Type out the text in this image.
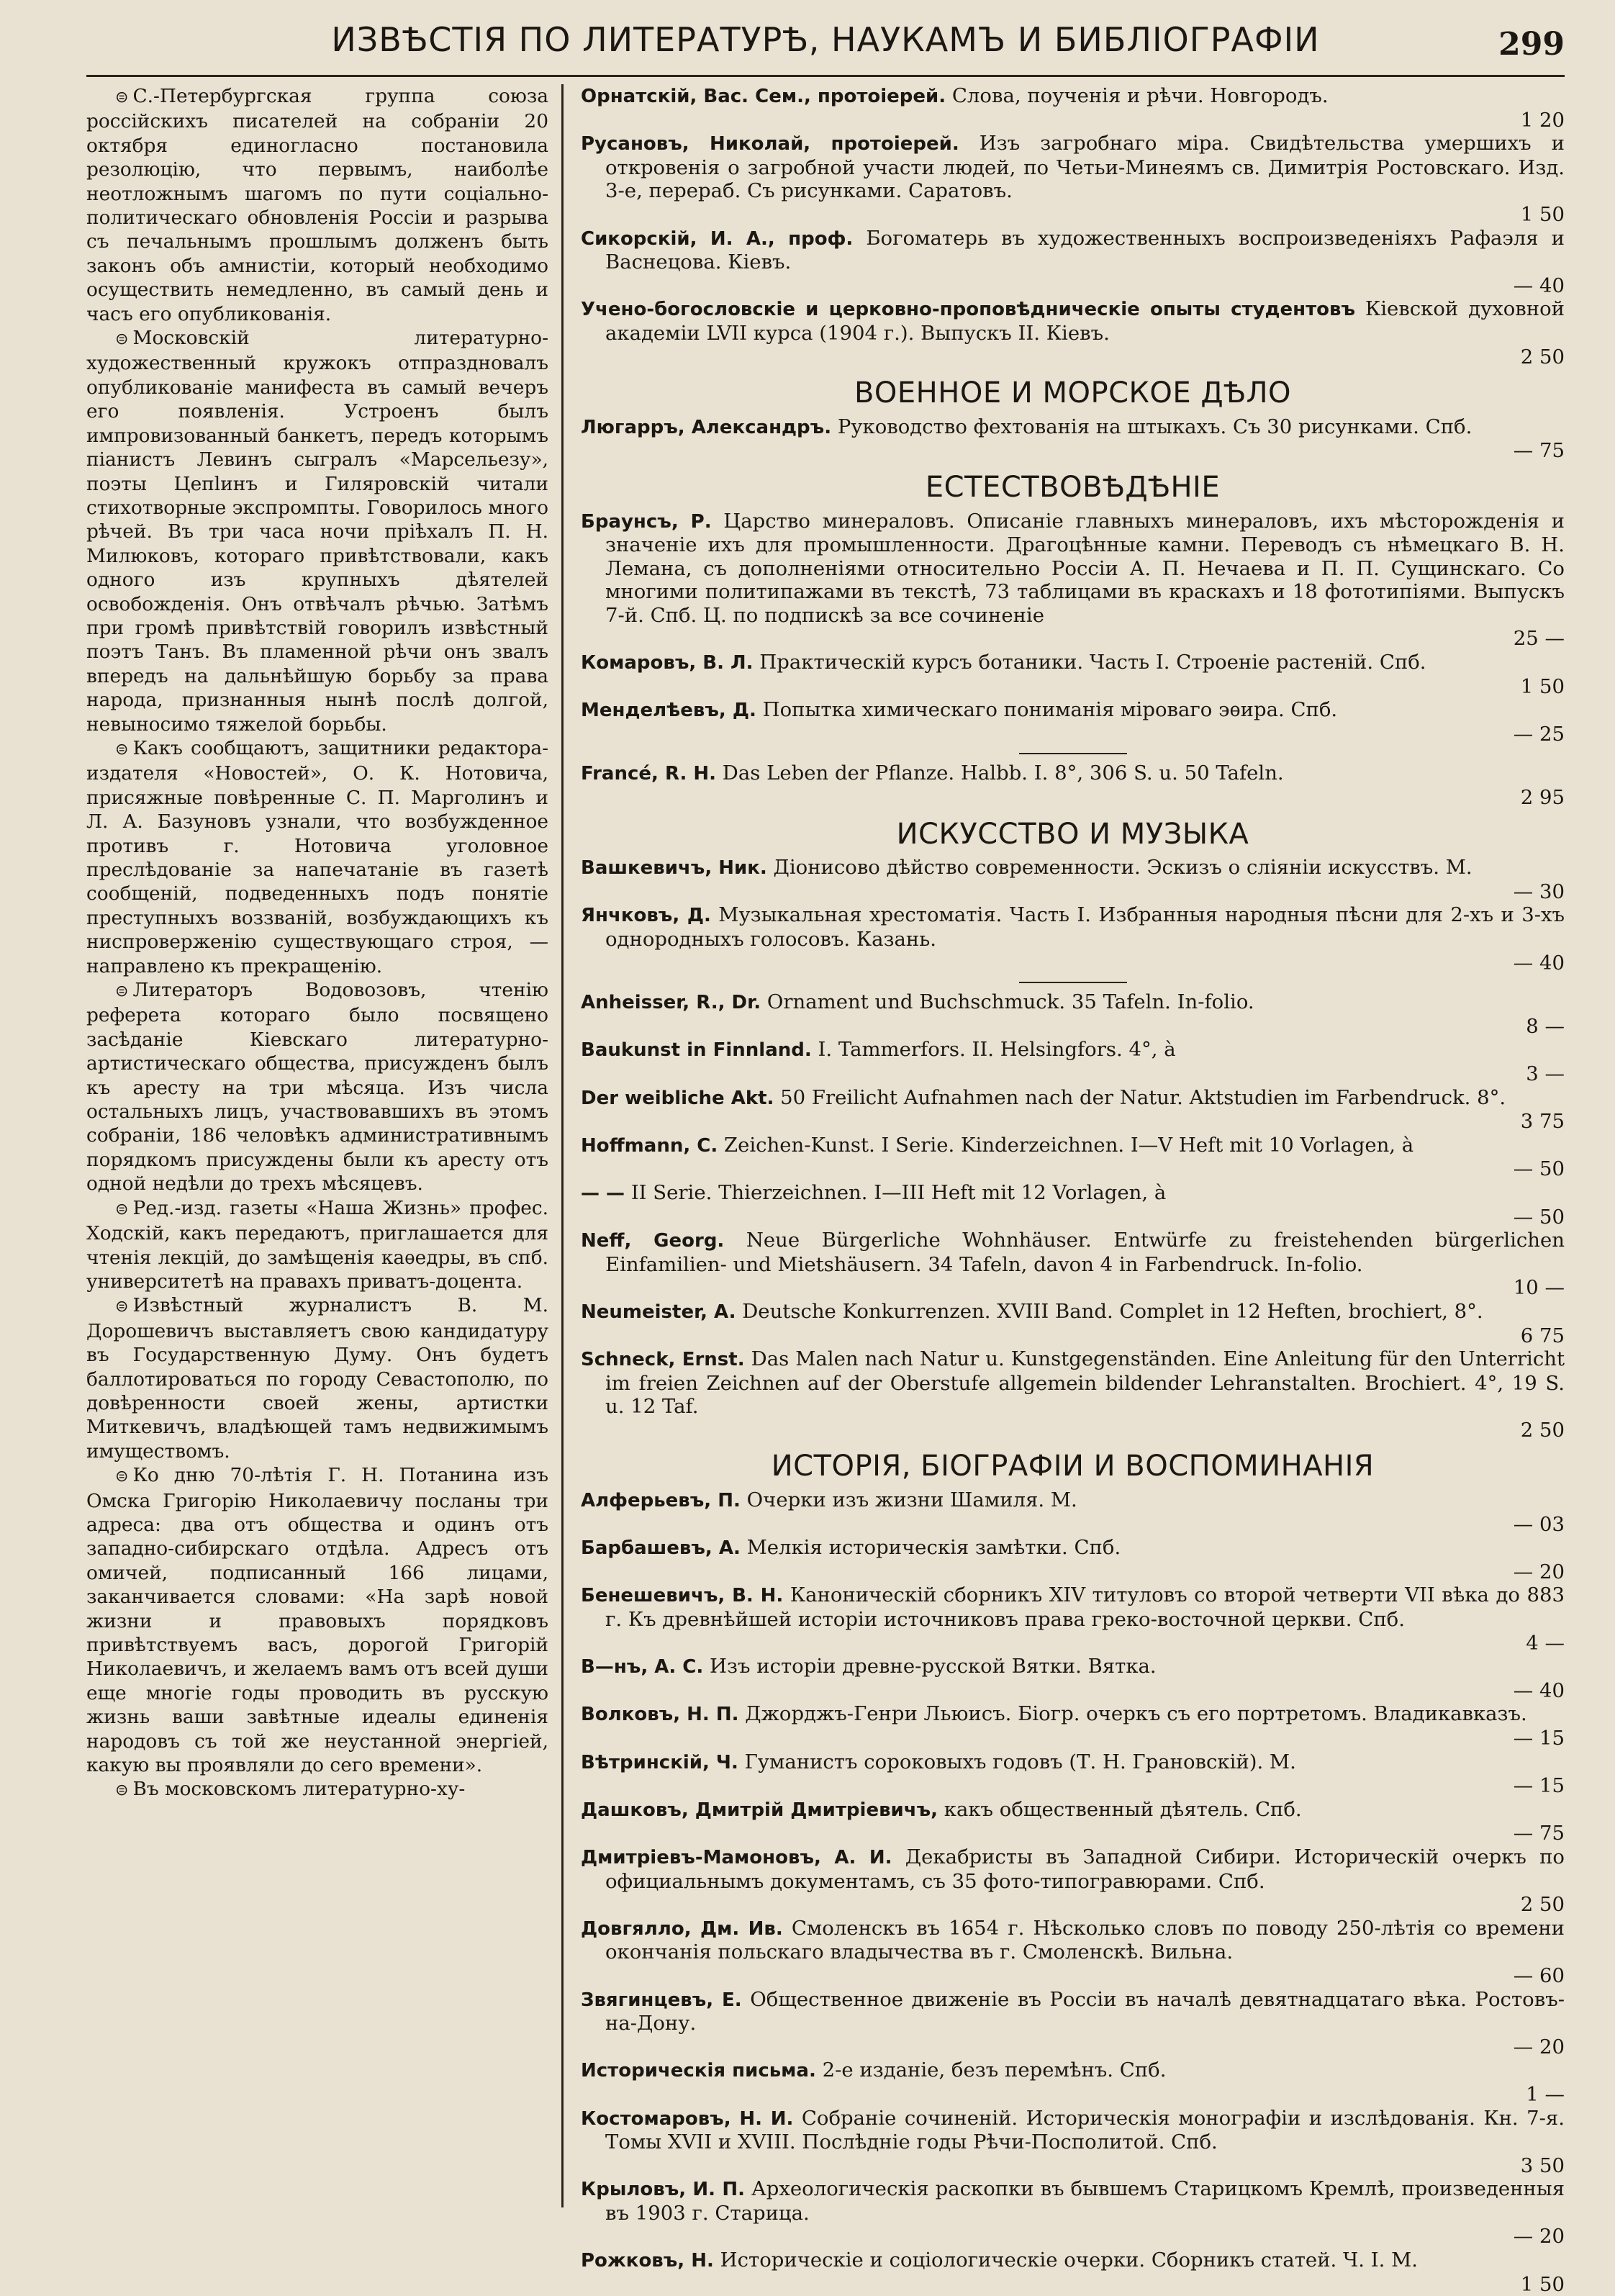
ИЗВѢСТІЯ ПО ЛИТЕРАТУРѢ, НАУКАМЪ И БИБЛІОГРАФІИ	299

⊜ С.-Петербургская группа союза россійскихъ писателей на собраніи 20 октября единогласно постановила резолюцію, что первымъ, наиболѣе неотложнымъ шагомъ по пути соціально-политическаго обновленія Россіи и разрыва съ печальнымъ прошлымъ долженъ быть законъ объ амнистіи, который необходимо осуществить немедленно, въ самый день и часъ его опубликованія.

⊜ Московскій литературно-художественный кружокъ отпраздновалъ опубликованіе манифеста въ самый вечеръ его появленія. Устроенъ былъ импровизованный банкетъ, передъ которымъ піанистъ Левинъ сыгралъ «Марсельезу», поэты Цепlинъ и Гиляровскій читали стихотворные экспромпты. Говорилось много рѣчей. Въ три часа ночи пріѣхалъ П. Н. Милюковъ, котораго привѣтствовали, какъ одного изъ крупныхъ дѣятелей освобожденія. Онъ отвѣчалъ рѣчью. Затѣмъ при громѣ привѣтствій говорилъ извѣстный поэтъ Танъ. Въ пламенной рѣчи онъ звалъ впередъ на дальнѣйшую борьбу за права народа, признанныя нынѣ послѣ долгой, невыносимо тяжелой борьбы.

⊜ Какъ сообщаютъ, защитники редактора-издателя «Новостей», О. К. Нотовича, присяжные повѣренные С. П. Марголинъ и Л. А. Базуновъ узнали, что возбужденное противъ г. Нотовича уголовное преслѣдованіе за напечатаніе въ газетѣ сообщеній, подведенныхъ подъ понятіе преступныхъ воззваній, возбуждающихъ къ ниспроверженію существующаго строя, — направлено къ прекращенію.

⊜ Литераторъ Водовозовъ, чтенію реферета котораго было посвящено засѣданіе Кіевскаго литературно-артистическаго общества, присужденъ былъ къ аресту на три мѣсяца. Изъ числа остальныхъ лицъ, участвовавшихъ въ этомъ собраніи, 186 человѣкъ административнымъ порядкомъ присуждены были къ аресту отъ одной недѣли до трехъ мѣсяцевъ.

⊜ Ред.-изд. газеты «Наша Жизнь» профес. Ходскій, какъ передаютъ, приглашается для чтенія лекцій, до замѣщенія каѳедры, въ спб. университетѣ на правахъ приватъ-доцента.

⊜ Извѣстный журналистъ В. М. Дорошевичъ выставляетъ свою кандидатуру въ Государственную Думу. Онъ будетъ баллотироваться по городу Севастополю, по довѣренности своей жены, артистки Миткевичъ, владѣющей тамъ недвижимымъ имуществомъ.

⊜ Ко дню 70-лѣтія Г. Н. Потанина изъ Омска Григорію Николаевичу посланы три адреса: два отъ общества и одинъ отъ западно-сибирскаго отдѣла. Адресъ отъ омичей, подписанный 166 лицами, заканчивается словами: «На зарѣ новой жизни и правовыхъ порядковъ привѣтствуемъ васъ, дорогой Григорій Николаевичъ, и желаемъ вамъ отъ всей души еще многіе годы проводить въ русскую жизнь ваши завѣтные идеалы единенія народовъ съ той же неустанной энергіей, какую вы проявляли до сего времени».

⊜ Въ московскомъ литературно-ху-

Орнатскій, Вас. Сем., протоіерей. Слова, поученія и рѣчи. Новгородъ.
1 20

Русановъ, Николай, протоіерей. Изъ загробнаго міра. Свидѣтельства умершихъ и откровенія о загробной участи людей, по Четьи-Минеямъ св. Димитрія Ростовскаго. Изд. 3-е, перераб. Съ рисунками. Саратовъ.
1 50

Сикорскій, И. А., проф. Богоматерь въ художественныхъ воспроизведеніяхъ Рафаэля и Васнецова. Кіевъ.
— 40

Учено-богословскіе и церковно-проповѣдническіе опыты студентовъ Кіевской духовной академіи LVII курса (1904 г.). Выпускъ II. Кіевъ.
2 50

ВОЕННОЕ И МОРСКОЕ ДѢЛО

Люгарръ, Александръ. Руководство фехтованія на штыкахъ. Съ 30 рисунками. Спб.
— 75

ЕСТЕСТВОВѢДѢНІЕ

Браунсъ, Р. Царство минераловъ. Описаніе главныхъ минераловъ, ихъ мѣсторожденія и значеніе ихъ для промышленности. Драгоцѣнные камни. Переводъ съ нѣмецкаго В. Н. Лемана, съ дополненіями относительно Россіи А. П. Нечаева и П. П. Сущинскаго. Со многими политипажами въ текстѣ, 73 таблицами въ краскахъ и 18 фототипіями. Выпускъ 7-й. Спб. Ц. по подпискѣ за все сочиненіе
25 —

Комаровъ, В. Л. Практическій курсъ ботаники. Часть I. Строеніе растеній. Спб.
1 50

Менделѣевъ, Д. Попытка химическаго пониманія міроваго эѳира. Спб.
— 25

Francé, R. H. Das Leben der Pflanze. Halbb. I. 8°, 306 S. u. 50 Tafeln.
2 95

ИСКУССТВО И МУЗЫКА

Вашкевичъ, Ник. Діонисово дѣйство современности. Эскизъ о сліяніи искусствъ. М.
— 30

Янчковъ, Д. Музыкальная хрестоматія. Часть I. Избранныя народныя пѣсни для 2-хъ и 3-хъ однородныхъ голосовъ. Казань.
— 40

Anheisser, R., Dr. Ornament und Buchschmuck. 35 Tafeln. In-folio.
8 —

Baukunst in Finnland. I. Tammerfors. II. Helsingfors. 4°, à
3 —

Der weibliche Akt. 50 Freilicht Aufnahmen nach der Natur. Aktstudien im Farbendruck. 8°.
3 75

Hoffmann, C. Zeichen-Kunst. I Serie. Kinderzeichnen. I—V Heft mit 10 Vorlagen, à
— 50

— — II Serie. Thierzeichnen. I—III Heft mit 12 Vorlagen, à
— 50

Neff, Georg. Neue Bürgerliche Wohnhäuser. Entwürfe zu freistehenden bürgerlichen Einfamilien- und Mietshäusern. 34 Tafeln, davon 4 in Farbendruck. In-folio.
10 —

Neumeister, A. Deutsche Konkurrenzen. XVIII Band. Complet in 12 Heften, brochiert, 8°.
6 75

Schneck, Ernst. Das Malen nach Natur u. Kunstgegenständen. Eine Anleitung für den Unterricht im freien Zeichnen auf der Oberstufe allgemein bildender Lehranstalten. Brochiert. 4°, 19 S. u. 12 Taf.
2 50

ИСТОРІЯ, БІОГРАФІИ И ВОСПОМИНАНІЯ

Алферьевъ, П. Очерки изъ жизни Шамиля. М.
— 03

Барбашевъ, А. Мелкія историческія замѣтки. Спб.
— 20

Бенешевичъ, В. Н. Каноническій сборникъ XIV титуловъ со второй четверти VII вѣка до 883 г. Къ древнѣйшей исторіи источниковъ права греко-восточной церкви. Спб.
4 —

В—нъ, А. С. Изъ исторіи древне-русской Вятки. Вятка.
— 40

Волковъ, Н. П. Джорджъ-Генри Льюисъ. Біогр. очеркъ съ его портретомъ. Владикавказъ.
— 15

Вѣтринскій, Ч. Гуманистъ сороковыхъ годовъ (Т. Н. Грановскій). М.
— 15

Дашковъ, Дмитрій Дмитріевичъ, какъ общественный дѣятель. Спб.
— 75

Дмитріевъ-Мамоновъ, А. И. Декабристы въ Западной Сибири. Историческій очеркъ по официальнымъ документамъ, съ 35 фото-типогравюрами. Спб.
2 50

Довгялло, Дм. Ив. Смоленскъ въ 1654 г. Нѣсколько словъ по поводу 250-лѣтія со времени окончанія польскаго владычества въ г. Смоленскѣ. Вильна.
— 60

Звягинцевъ, Е. Общественное движеніе въ Россіи въ началѣ девятнадцатаго вѣка. Ростовъ-на-Дону.
— 20

Историческія письма. 2-е изданіе, безъ перемѣнъ. Спб.
1 —

Костомаровъ, Н. И. Собраніе сочиненій. Историческія монографіи и изслѣдованія. Кн. 7-я. Томы XVII и XVIII. Послѣдніе годы Рѣчи-Посполитой. Спб.
3 50

Крыловъ, И. П. Археологическія раскопки въ бывшемъ Старицкомъ Кремлѣ, произведенныя въ 1903 г. Старица.
— 20

Рожковъ, Н. Историческіе и соціологическіе очерки. Сборникъ статей. Ч. I. М.
1 50
